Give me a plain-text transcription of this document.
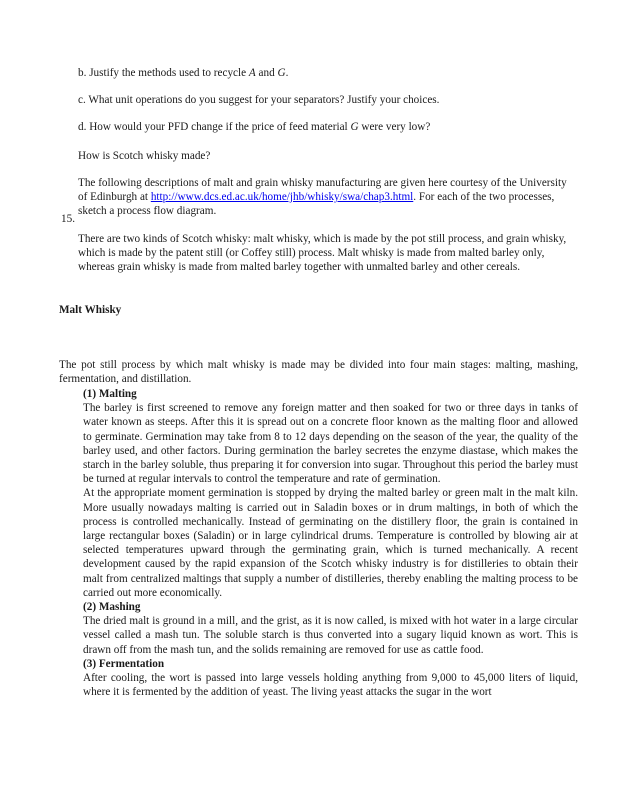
b. Justify the methods used to recycle A and G.
c. What unit operations do you suggest for your separators? Justify your choices.
d. How would your PFD change if the price of feed material G were very low?
15.
How is Scotch whisky made?
The following descriptions of malt and grain whisky manufacturing are given here courtesy of the University of Edinburgh at http://www.dcs.ed.ac.uk/home/jhb/whisky/swa/chap3.html. For each of the two processes, sketch a process flow diagram.
There are two kinds of Scotch whisky: malt whisky, which is made by the pot still process, and grain whisky, which is made by the patent still (or Coffey still) process. Malt whisky is made from malted barley only, whereas grain whisky is made from malted barley together with unmalted barley and other cereals.
Malt Whisky
The pot still process by which malt whisky is made may be divided into four main stages: malting, mashing, fermentation, and distillation.
(1) Malting

The barley is first screened to remove any foreign matter and then soaked for two or three days in tanks of water known as steeps. After this it is spread out on a concrete floor known as the malting floor and allowed to germinate. Germination may take from 8 to 12 days depending on the season of the year, the quality of the barley used, and other factors. During germination the barley secretes the enzyme diastase, which makes the starch in the barley soluble, thus preparing it for conversion into sugar. Throughout this period the barley must be turned at regular intervals to control the temperature and rate of germination.

At the appropriate moment germination is stopped by drying the malted barley or green malt in the malt kiln. More usually nowadays malting is carried out in Saladin boxes or in drum maltings, in both of which the process is controlled mechanically. Instead of germinating on the distillery floor, the grain is contained in large rectangular boxes (Saladin) or in large cylindrical drums. Temperature is controlled by blowing air at selected temperatures upward through the germinating grain, which is turned mechanically. A recent development caused by the rapid expansion of the Scotch whisky industry is for distilleries to obtain their malt from centralized maltings that supply a number of distilleries, thereby enabling the malting process to be carried out more economically.

(2) Mashing

The dried malt is ground in a mill, and the grist, as it is now called, is mixed with hot water in a large circular vessel called a mash tun. The soluble starch is thus converted into a sugary liquid known as wort. This is drawn off from the mash tun, and the solids remaining are removed for use as cattle food.

(3) Fermentation

After cooling, the wort is passed into large vessels holding anything from 9,000 to 45,000 liters of liquid, where it is fermented by the addition of yeast. The living yeast attacks the sugar in the wort
